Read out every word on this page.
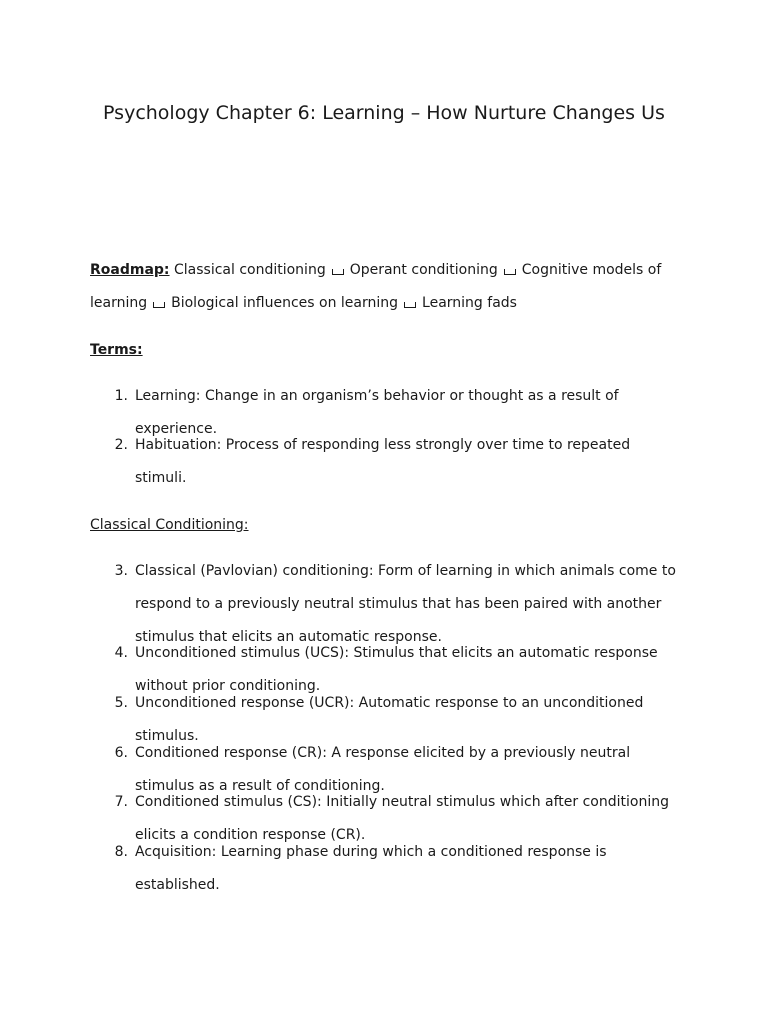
Psychology Chapter 6: Learning – How Nurture Changes Us

Roadmap: Classical conditioning Operant conditioning Cognitive models of learning Biological influences on learning Learning fads

Terms:

1. Learning: Change in an organism’s behavior or thought as a result of experience.
2. Habituation: Process of responding less strongly over time to repeated stimuli.

Classical Conditioning:

3. Classical (Pavlovian) conditioning: Form of learning in which animals come to respond to a previously neutral stimulus that has been paired with another stimulus that elicits an automatic response.
4. Unconditioned stimulus (UCS): Stimulus that elicits an automatic response without prior conditioning.
5. Unconditioned response (UCR): Automatic response to an unconditioned stimulus.
6. Conditioned response (CR): A response elicited by a previously neutral stimulus as a result of conditioning.
7. Conditioned stimulus (CS): Initially neutral stimulus which after conditioning elicits a condition response (CR).
8. Acquisition: Learning phase during which a conditioned response is established.
